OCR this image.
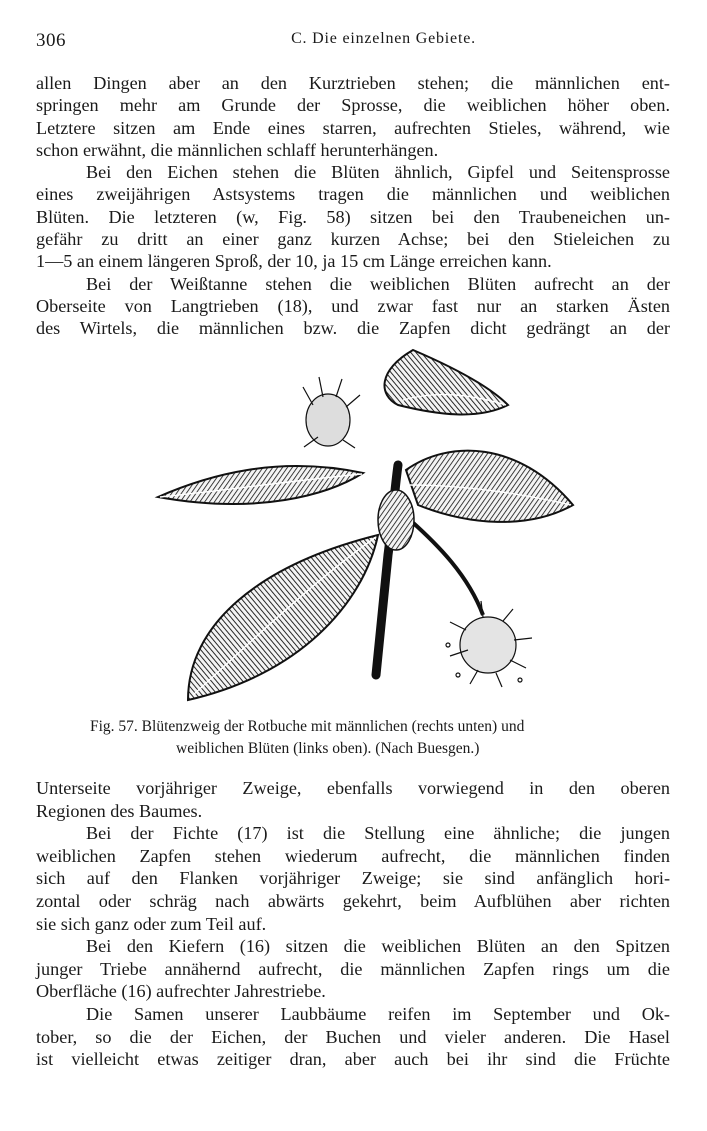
306	C. Die einzelnen Gebiete.
allen Dingen aber an den Kurztrieben stehen; die männlichen ent-
springen mehr am Grunde der Sprosse, die weiblichen höher oben.
Letztere sitzen am Ende eines starren, aufrechten Stieles, während, wie
schon erwähnt, die männlichen schlaff herunterhängen.
Bei den Eichen stehen die Blüten ähnlich, Gipfel und Seitensprosse
eines zweijährigen Astsystems tragen die männlichen und weiblichen
Blüten. Die letzteren (w, Fig. 58) sitzen bei den Traubeneichen un-
gefähr zu dritt an einer ganz kurzen Achse; bei den Stieleichen zu
1—5 an einem längeren Sproß, der 10, ja 15 cm Länge erreichen kann.
Bei der Weißtanne stehen die weiblichen Blüten aufrecht an der
Oberseite von Langtrieben (18), und zwar fast nur an starken Ästen
des Wirtels, die männlichen bzw. die Zapfen dicht gedrängt an der
Fig. 57. Blütenzweig der Rotbuche mit männlichen (rechts unten) und
weiblichen Blüten (links oben). (Nach Buesgen.)
Unterseite vorjähriger Zweige, ebenfalls vorwiegend in den oberen
Regionen des Baumes.
Bei der Fichte (17) ist die Stellung eine ähnliche; die jungen
weiblichen Zapfen stehen wiederum aufrecht, die männlichen finden
sich auf den Flanken vorjähriger Zweige; sie sind anfänglich hori-
zontal oder schräg nach abwärts gekehrt, beim Aufblühen aber richten
sie sich ganz oder zum Teil auf.
Bei den Kiefern (16) sitzen die weiblichen Blüten an den Spitzen
junger Triebe annähernd aufrecht, die männlichen Zapfen rings um die
Oberfläche (16) aufrechter Jahrestriebe.
Die Samen unserer Laubbäume reifen im September und Ok-
tober, so die der Eichen, der Buchen und vieler anderen. Die Hasel
ist vielleicht etwas zeitiger dran, aber auch bei ihr sind die Früchte
